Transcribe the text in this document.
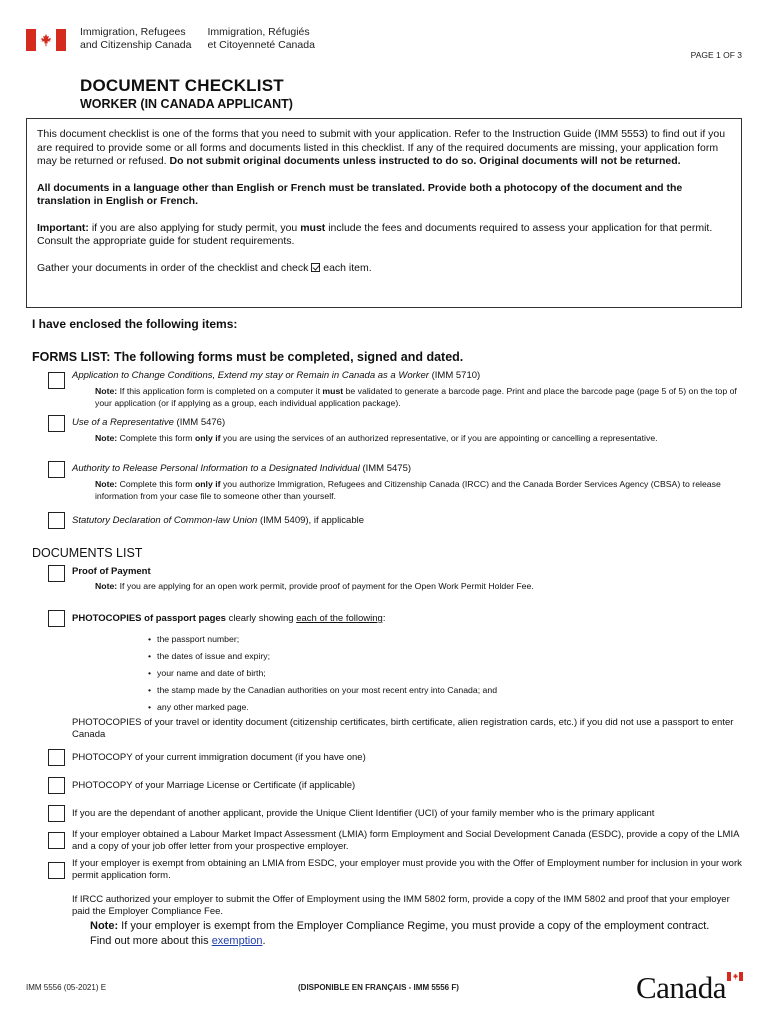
Immigration, Refugees
and Citizenship Canada
Immigration, Réfugiés
et Citoyenneté Canada
PAGE 1 OF 3
DOCUMENT CHECKLIST
WORKER (IN CANADA APPLICANT)

This document checklist is one of the forms that you need to submit with your application. Refer to the Instruction Guide (IMM 5553) to find out if you are required to provide some or all forms and documents listed in this checklist. If any of the required documents are missing, your application form may be returned or refused. Do not submit original documents unless instructed to do so. Original documents will not be returned.

All documents in a language other than English or French must be translated. Provide both a photocopy of the document and the translation in English or French.

Important: if you are also applying for study permit, you must include the fees and documents required to assess your application for that permit. Consult the appropriate guide for student requirements.

Gather your documents in order of the checklist and check  each item.

I have enclosed the following items:
FORMS LIST: The following forms must be completed, signed and dated.
Application to Change Conditions, Extend my stay or Remain in Canada as a Worker (IMM 5710)
Note: If this application form is completed on a computer it must be validated to generate a barcode page. Print and place the barcode page (page 5 of 5) on the top of your application (or if applying as a group, each individual application package).
Use of a Representative (IMM 5476)
Note: Complete this form only if you are using the services of an authorized representative, or if you are appointing or cancelling a representative.
Authority to Release Personal Information to a Designated Individual (IMM 5475)
Note: Complete this form only if you authorize Immigration, Refugees and Citizenship Canada (IRCC) and the Canada Border Services Agency (CBSA) to release information from your case file to someone other than yourself.
Statutory Declaration of Common-law Union (IMM 5409), if applicable
DOCUMENTS LIST
Proof of Payment
Note: If you are applying for an open work permit, provide proof of payment for the Open Work Permit Holder Fee.
PHOTOCOPIES of passport pages clearly showing each of the following:
• the passport number;
• the dates of issue and expiry;
• your name and date of birth;
• the stamp made by the Canadian authorities on your most recent entry into Canada; and
• any other marked page.
PHOTOCOPIES of your travel or identity document (citizenship certificates, birth certificate, alien registration cards, etc.) if you did not use a passport to enter Canada
PHOTOCOPY of your current immigration document (if you have one)
PHOTOCOPY of your Marriage License or Certificate (if applicable)
If you are the dependant of another applicant, provide the Unique Client Identifier (UCI) of your family member who is the primary applicant
If your employer obtained a Labour Market Impact Assessment (LMIA) form Employment and Social Development Canada (ESDC), provide a copy of the LMIA and a copy of your job offer letter from your prospective employer.
If your employer is exempt from obtaining an LMIA from ESDC, your employer must provide you with the Offer of Employment number for inclusion in your work permit application form.
If IRCC authorized your employer to submit the Offer of Employment using the IMM 5802 form, provide a copy of the IMM 5802 and proof that your employer paid the Employer Compliance Fee.
Note: If your employer is exempt from the Employer Compliance Regime, you must provide a copy of the employment contract.
Find out more about this exemption.
IMM 5556 (05-2021) E	(DISPONIBLE EN FRANÇAIS - IMM 5556 F)	Canada
